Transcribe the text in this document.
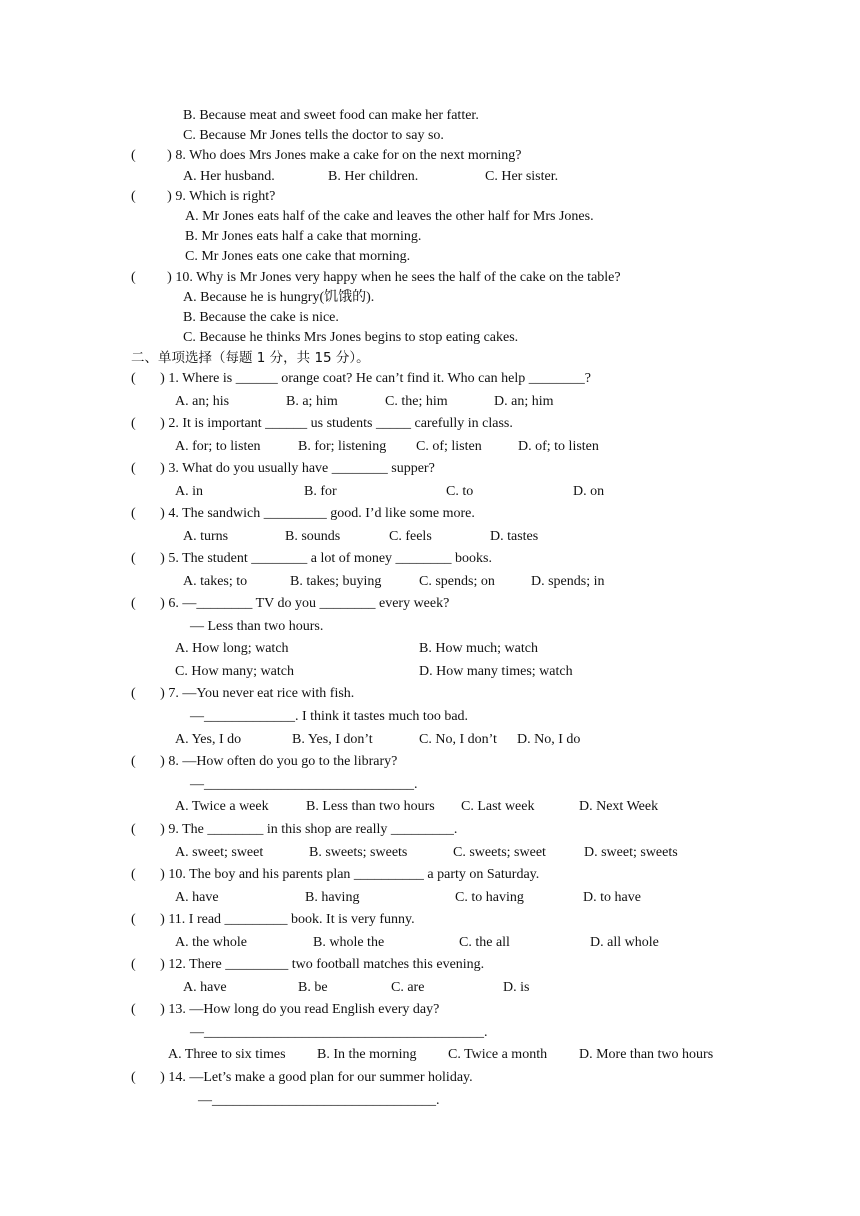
B. Because meat and sweet food can make her fatter.
C. Because Mr Jones tells the doctor to say so.
(         ) 8. Who does Mrs Jones make a cake for on the next morning?
A. Her husband.	B. Her children.	C. Her sister.
(         ) 9. Which is right?
A. Mr Jones eats half of the cake and leaves the other half for Mrs Jones.
B. Mr Jones eats half a cake that morning.
C. Mr Jones eats one cake that morning.
(         ) 10. Why is Mr Jones very happy when he sees the half of the cake on the table?
A. Because he is hungry(饥饿的).
B. Because the cake is nice.
C. Because he thinks Mrs Jones begins to stop eating cakes.
二、单项选择（每题 1 分，共 15 分）。
(       ) 1. Where is ______ orange coat? He can’t find it. Who can help ________?
A. an; his	B. a; him	C. the; him	D. an; him
(       ) 2. It is important ______ us students _____ carefully in class.
A. for; to listen	B. for; listening C. of; listen	D. of; to listen
(       ) 3. What do you usually have ________ supper?
A. in	B. for	C. to	D. on
(       ) 4. The sandwich _________ good. I’d like some more.
A. turns	B. sounds	C. feels	D. tastes
(       ) 5. The student ________ a lot of money ________ books.
A. takes; to	B. takes; buying	C. spends; on	D. spends; in
(       ) 6. —________ TV do you ________ every week?
— Less than two hours.
A. How long; watch	B. How much; watch
C. How many; watch	D. How many times; watch
(       ) 7. —You never eat rice with fish.
—_____________. I think it tastes much too bad.
A. Yes, I do	B. Yes, I don’t	C. No, I don’t D. No, I do
(       ) 8. —How often do you go to the library?
—______________________________.
A. Twice a week	B. Less than two hours C. Last week	D. Next Week
(       ) 9. The ________ in this shop are really _________.
A. sweet; sweet	B. sweets; sweets	C. sweets; sweet	D. sweet; sweets
(       ) 10. The boy and his parents plan __________ a party on Saturday.
A. have	B. having	C. to having	D. to have
(       ) 11. I read _________ book. It is very funny.
A. the whole	B. whole the	C. the all	D. all whole
(       ) 12. There _________ two football matches this evening.
A. have	B. be	C. are	D. is
(       ) 13. —How long do you read English every day?
—________________________________________.
A. Three to six times B. In the morning C. Twice a month D. More than two hours
(       ) 14. —Let’s make a good plan for our summer holiday.
—________________________________.
